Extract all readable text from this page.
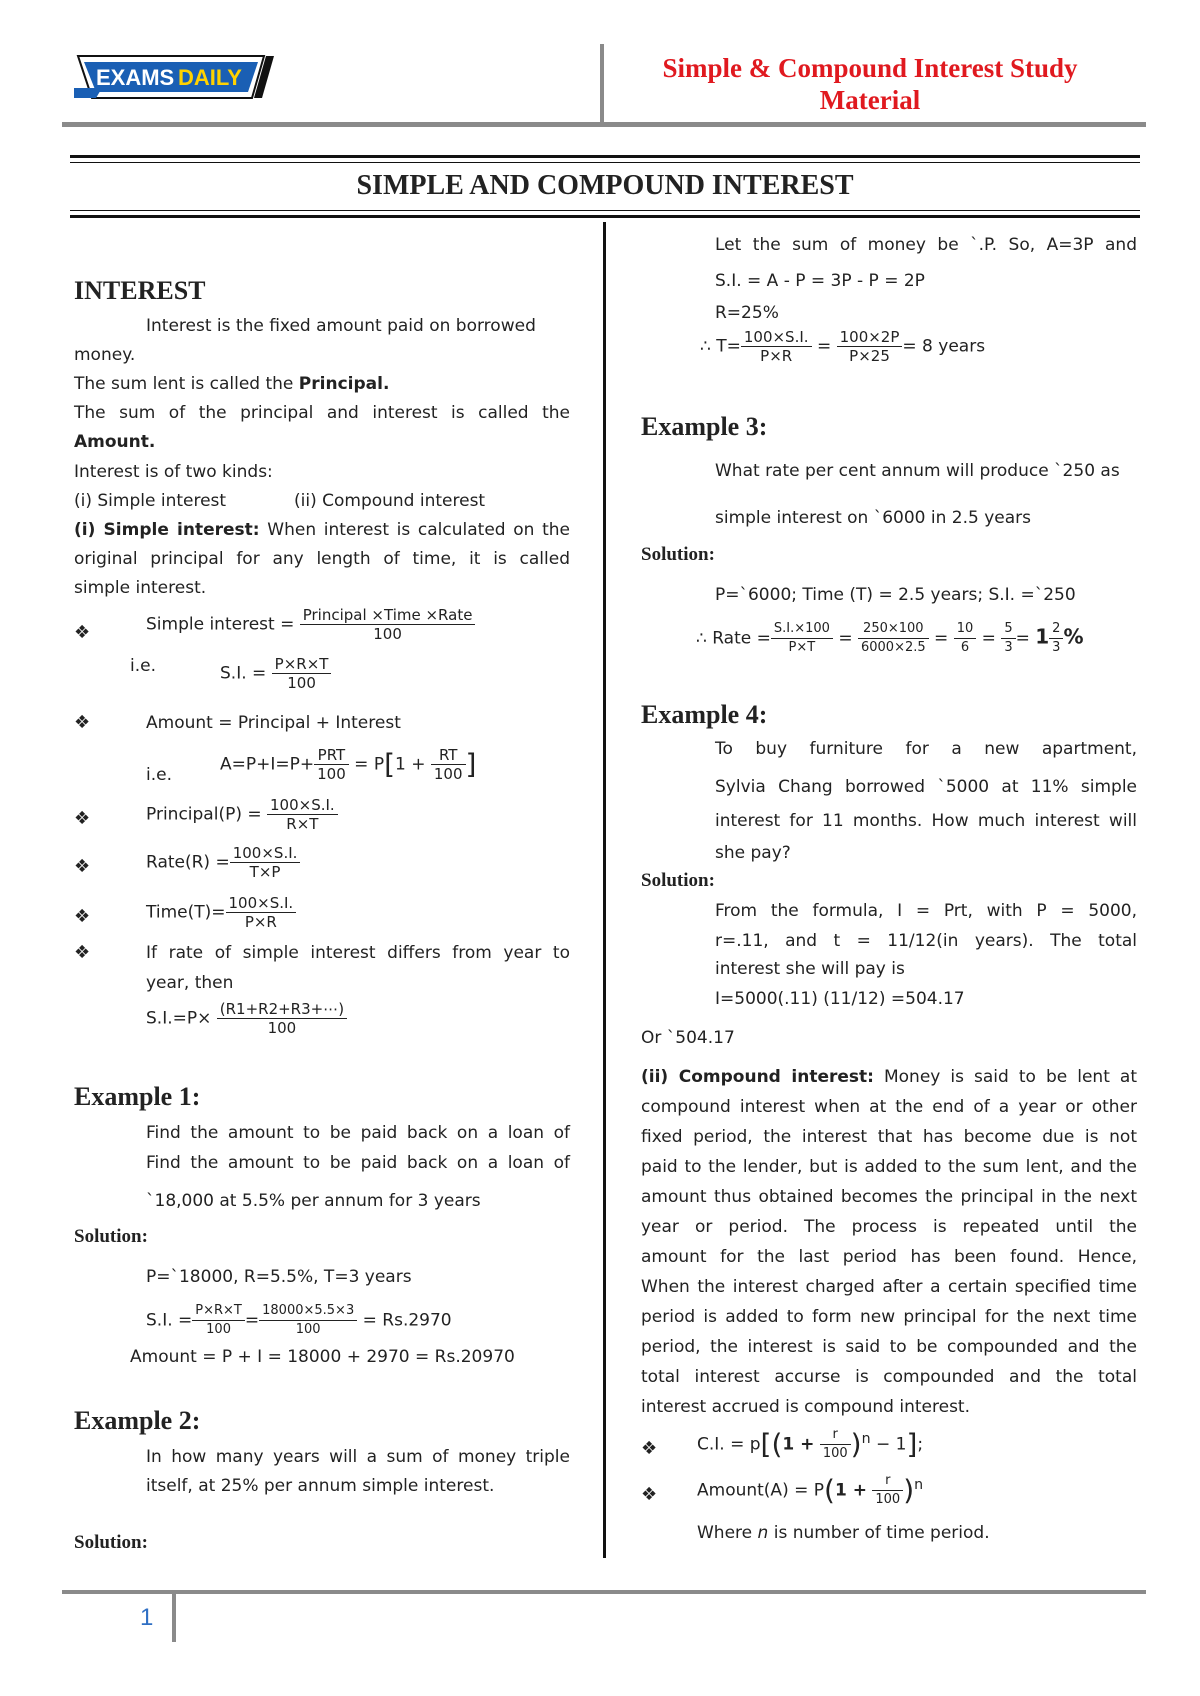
EXAMS DAILY	Simple & Compound Interest Study
Material
SIMPLE AND COMPOUND INTEREST
INTEREST
Interest is the fixed amount paid on borrowed
money.
The sum lent is called the Principal.
The sum of the principal and interest is called the
Amount.
Interest is of two kinds:
(i) Simple interest	(ii) Compound interest
(i) Simple interest: When interest is calculated on the
original principal for any length of time, it is called
simple interest.
❖	Simple interest = $\frac{\text{Principal ×Time ×Rate}}{100}$
i.e.	S.I. = $\frac{P\times R\times T}{100}$
❖	Amount = Principal + Interest
i.e.
$A=P+I=P+ \frac{\text{PRT}}{100} = P[1 + \frac{RT}{100}$ ]
❖	Principal(P) = $\frac{100\times S.I.}{R\times T}$
❖	Rate(R) = $\frac{100\times S.I.}{T\times P}$
❖	Time(T)= $\frac{100\times S.I.}{P\times R}$
❖	If rate of simple interest differs from year to
year, then
$S.I.=P\times \frac{(R1+R2+R3+\cdots)}{100}$
Example 1:
Find the amount to be paid back on a loan of
Find the amount to be paid back on a loan of
`18,000 at 5.5% per annum for 3 years
Solution:
P=`18000, R=5.5%, T=3 years
S.I. = $\frac{P\times R\times T}{100} = \frac{18000\times 5.5\times 3}{100} = Rs.2970$
Amount = P + I = 18000 + 2970 = Rs.20970
Example 2:
In how many years will a sum of money triple
itself, at 25% per annum simple interest.
Solution:
Let the sum of money be `.P. So, A=3P and
S.I. = A - P = 3P - P = 2P
R=25%
∴ $T= \frac{100\times S.I.}{P\times R} = \frac{100\times 2P}{P\times 25} = 8$ years
Example 3:
What rate per cent annum will produce `250 as
simple interest on `6000 in 2.5 years
Solution:
P=`6000; Time (T) = 2.5 years; S.I. =`250
∴ Rate = $\frac{S.I.\times 100}{P\times T} = \frac{250\times 100}{6000\times 2.5} = \frac{10}{6} = \frac{5}{3} = 1 \frac{2}{3}$ %
Example 4:
To buy furniture for a new apartment,
Sylvia Chang borrowed `5000 at 11% simple
interest for 11 months. How much interest will
she pay?
Solution:
From the formula, I = Prt, with P = 5000,
r=.11, and t = 11/12(in years). The total
interest she will pay is
I=5000(.11) (11/12) =504.17
Or `504.17
(ii) Compound interest: Money is said to be lent at
compound interest when at the end of a year or other
fixed period, the interest that has become due is not
paid to the lender, but is added to the sum lent, and the
amount thus obtained becomes the principal in the next
year or period. The process is repeated until the
amount for the last period has been found. Hence,
When the interest charged after a certain specified time
period is added to form new principal for the next time
period, the interest is said to be compounded and the
total interest accurse is compounded and the total
interest accrued is compound interest.
❖ C.I. = $p[(1 + \frac{r}{100} )^n - 1]$;
❖ Amount(A) = $P(1 + \frac{r}{100} )^n$
Where n is number of time period.
1
